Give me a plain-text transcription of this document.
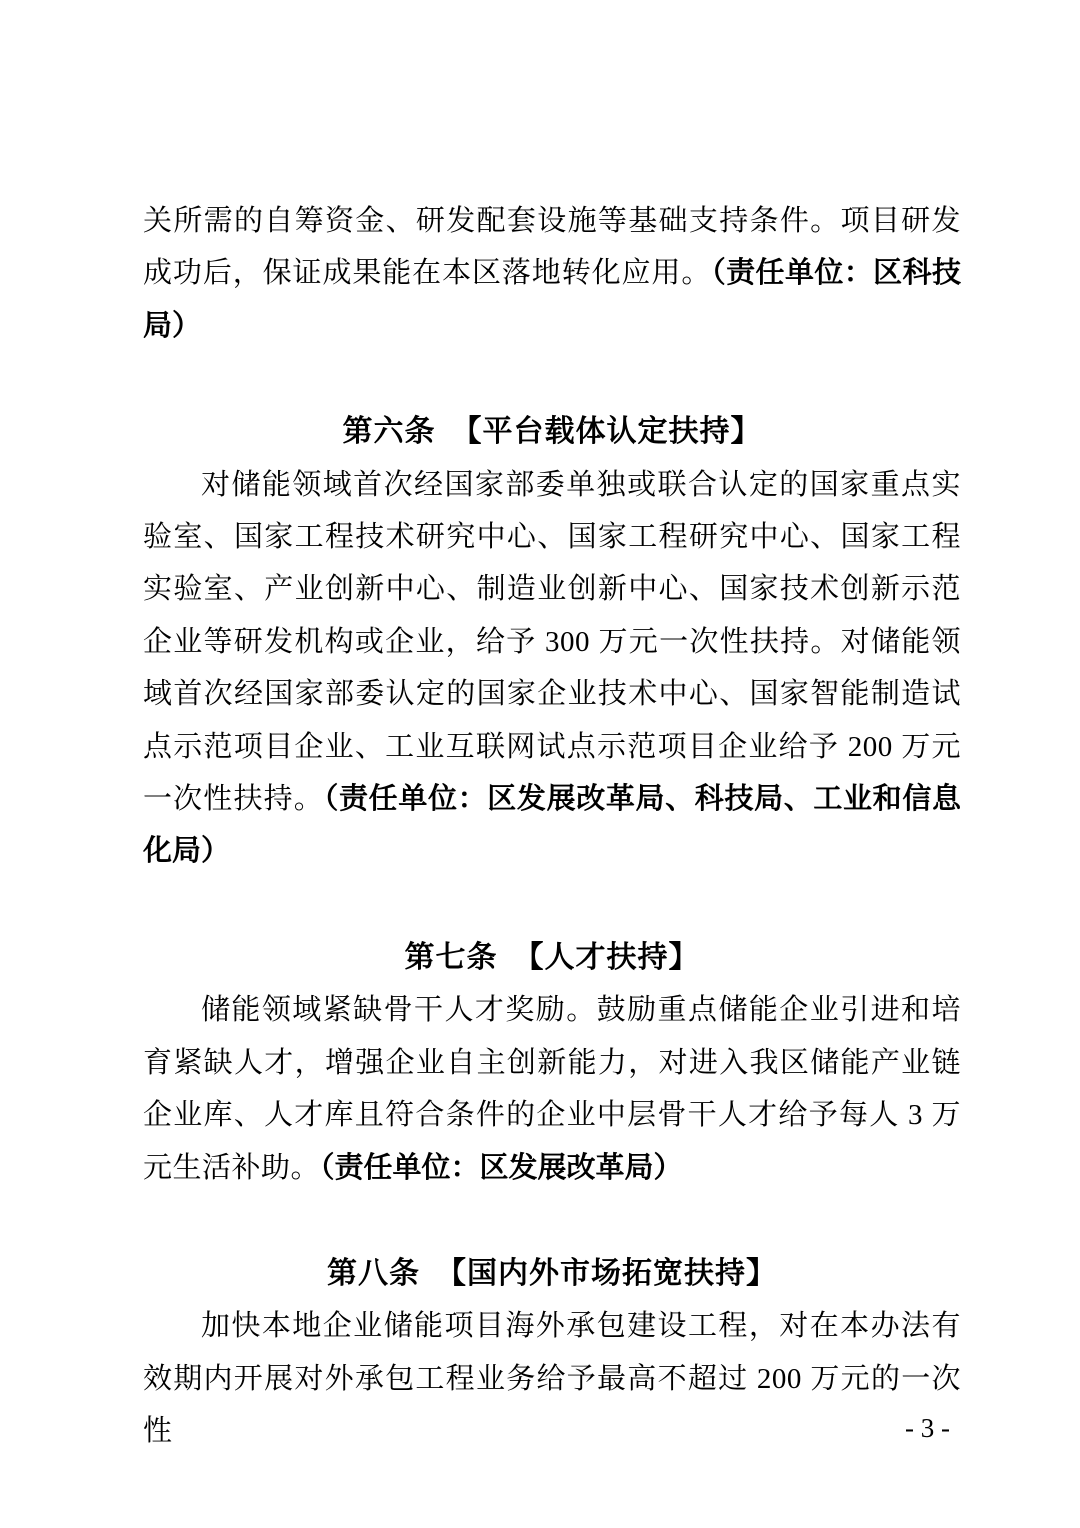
关所需的自筹资金、研发配套设施等基础支持条件。项目研发成功后，保证成果能在本区落地转化应用。（责任单位：区科技局）

第六条　【平台载体认定扶持】

对储能领域首次经国家部委单独或联合认定的国家重点实验室、国家工程技术研究中心、国家工程研究中心、国家工程实验室、产业创新中心、制造业创新中心、国家技术创新示范企业等研发机构或企业，给予 300 万元一次性扶持。对储能领域首次经国家部委认定的国家企业技术中心、国家智能制造试点示范项目企业、工业互联网试点示范项目企业给予 200 万元一次性扶持。（责任单位：区发展改革局、科技局、工业和信息化局）

第七条　【人才扶持】

储能领域紧缺骨干人才奖励。鼓励重点储能企业引进和培育紧缺人才，增强企业自主创新能力，对进入我区储能产业链企业库、人才库且符合条件的企业中层骨干人才给予每人 3 万元生活补助。（责任单位：区发展改革局）

第八条　【国内外市场拓宽扶持】

加快本地企业储能项目海外承包建设工程，对在本办法有效期内开展对外承包工程业务给予最高不超过 200 万元的一次性	- 3 -
